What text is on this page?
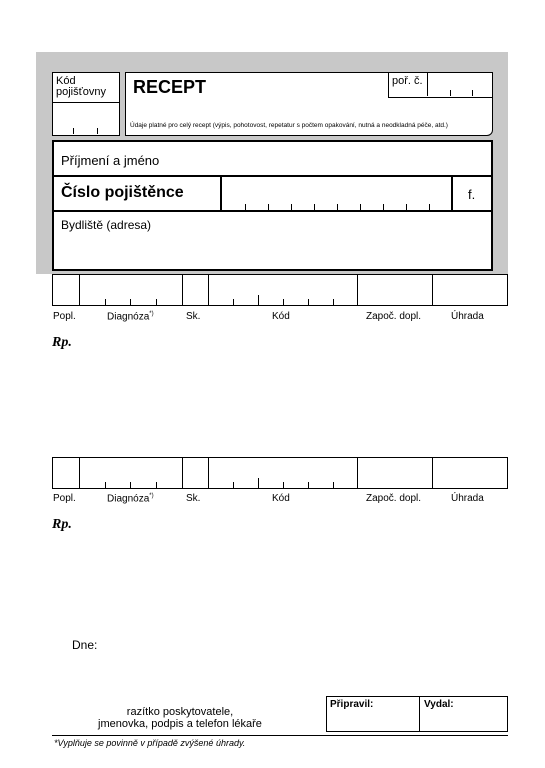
Kód pojišťovny	RECEPT	poř. č.
Údaje platné pro celý recept (výpis, pohotovost, repetatur s počtem opakování, nutná a neodkladná péče, atd.)
Příjmení a jméno
Číslo pojištěnce	f.
Bydliště (adresa)
Popl.	Diagnóza*)	Sk.	Kód	Započ. dopl.	Úhrada
Rp.
Popl.	Diagnóza*)	Sk.	Kód	Započ. dopl.	Úhrada
Rp.
Dne:
razítko poskytovatele,
jmenovka, podpis a telefon lékaře
Připravil:	Vydal:
*Vyplňuje se povinně v případě zvýšené úhrady.
